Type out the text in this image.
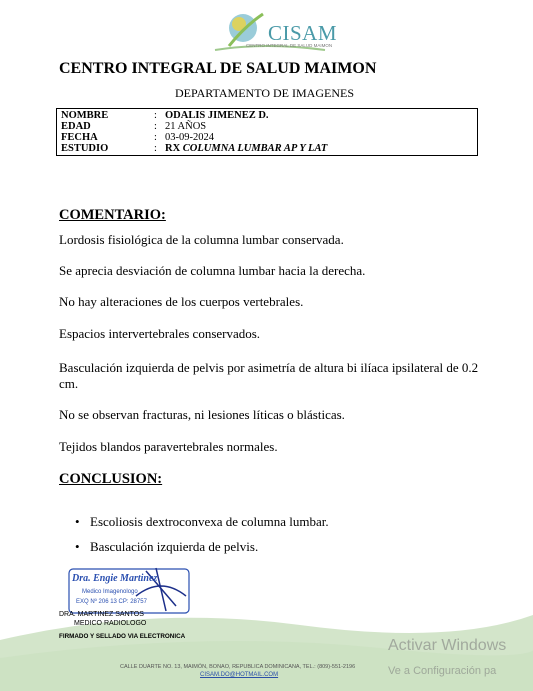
CISAM
CENTRO INTEGRAL DE SALUD MAIMON
CENTRO INTEGRAL DE SALUD MAIMON
DEPARTAMENTO DE IMAGENES
NOMBRE	: ODALIS JIMENEZ D.
EDAD	: 21 AÑOS
FECHA	: 03-09-2024
ESTUDIO	: RX COLUMNA LUMBAR AP Y LAT
COMENTARIO:
Lordosis fisiológica de la columna lumbar conservada.
Se aprecia desviación de columna lumbar hacia la derecha.
No hay alteraciones de los cuerpos vertebrales.
Espacios intervertebrales conservados.
Basculación izquierda de pelvis por asimetría de altura bi ilíaca ipsilateral de 0.2 cm.
No se observan fracturas, ni lesiones líticas o blásticas.
Tejidos blandos paravertebrales normales.
CONCLUSION:
• Escoliosis dextroconvexa de columna lumbar.
• Basculación izquierda de pelvis.
Dra. Engie Martinez
Medico Imagenologo
EXQ Nº 206 13 CP: 28757
DRA. MARTINEZ SANTOS
MEDICO RADIOLOGO
FIRMADO Y SELLADO VIA ELECTRONICA
CALLE DUARTE NO. 13, MAIMÓN, BONAO, REPUBLICA DOMINICANA, TEL.: (809)-551-2196
CISAM.DO@HOTMAIL.COM
Activar Windows
Ve a Configuración pa
